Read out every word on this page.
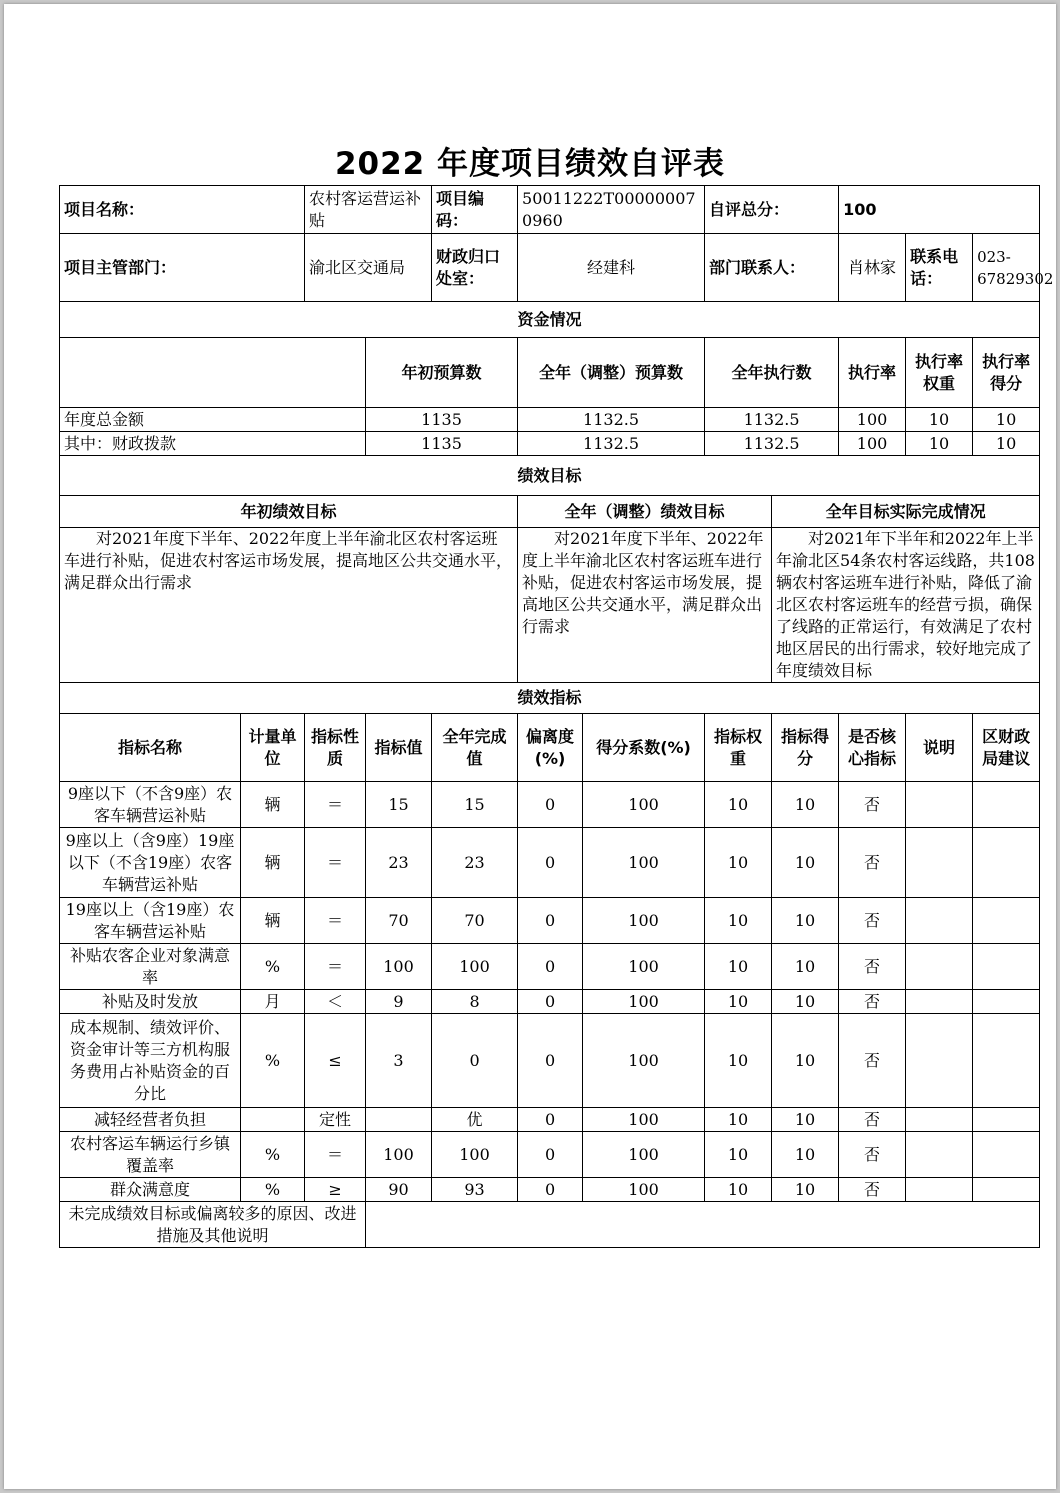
2022 年度项目绩效自评表
项目名称：		农村客运营运补贴		项目编码：	50011222T000000070960		自评总分：		100		
项目主管部门：		渝北区交通局		财政归口处室：	经建科		部门联系人：		肖林家	联系电话：	023-67829302
资金情况											
			年初预算数		全年（调整）预算数		全年执行数		执行率	执行率权重	执行率得分
年度总金额			1135		1132.5		1132.5		100	10	10
其中：财政拨款			1135		1132.5		1132.5		100	10	10
绩效目标											
年初绩效目标					全年（调整）绩效目标			全年目标实际完成情况			
对2021年度下半年、2022年度上半年渝北区农村客运班车进行补贴，促进农村客运市场发展，提高地区公共交通水平，满足群众出行需求					对2021年度下半年、2022年度上半年渝北区农村客运班车进行补贴，促进农村客运市场发展，提高地区公共交通水平，满足群众出行需求			对2021年下半年和2022年上半年渝北区54条农村客运线路，共108辆农村客运班车进行补贴，降低了渝北区农村客运班车的经营亏损，确保了线路的正常运行，有效满足了农村地区居民的出行需求，较好地完成了年度绩效目标			
绩效指标											
指标名称	计量单位	指标性质	指标值	全年完成值	偏离度(%)	得分系数(%)	指标权重	指标得分	是否核心指标	说明	区财政局建议
9座以下（不含9座）农客车辆营运补贴	辆	＝	15	15	0	100	10	10	否		
9座以上（含9座）19座以下（不含19座）农客车辆营运补贴	辆	＝	23	23	0	100	10	10	否		
19座以上（含19座）农客车辆营运补贴	辆	＝	70	70	0	100	10	10	否		
补贴农客企业对象满意率	%	＝	100	100	0	100	10	10	否		
补贴及时发放	月	＜	9	8	0	100	10	10	否		
成本规制、绩效评价、资金审计等三方机构服务费用占补贴资金的百分比	%	≤	3	0	0	100	10	10	否		
减轻经营者负担		定性		优	0	100	10	10	否		
农村客运车辆运行乡镇覆盖率	%	＝	100	100	0	100	10	10	否		
群众满意度	%	≥	90	93	0	100	10	10	否		
未完成绩效目标或偏离较多的原因、改进措施及其他说明											
